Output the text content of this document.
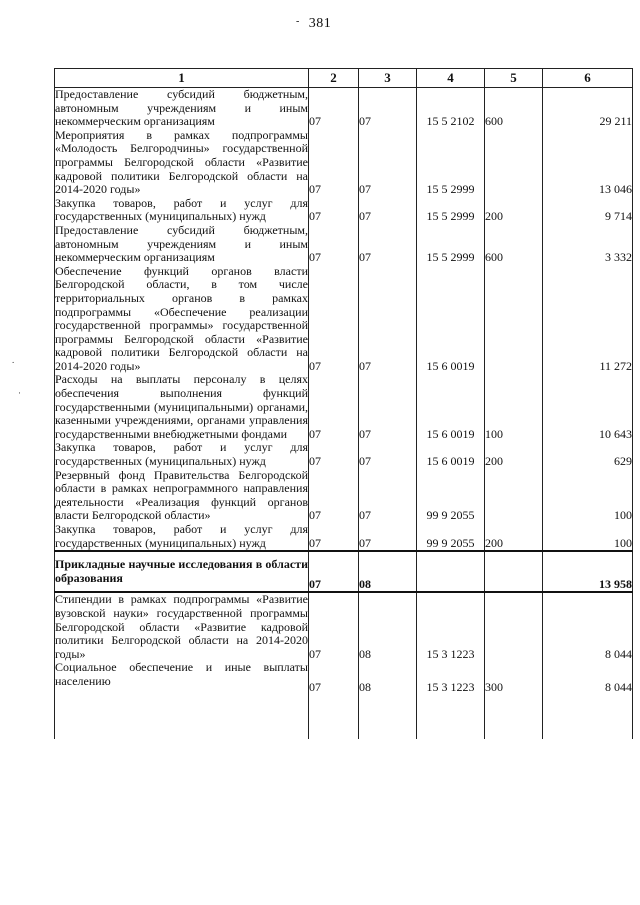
381
-
.
·
1	2	3	4	5	6
Предоставление субсидий бюджетным, автономным учреждениям и иным некоммерческим организациям	07	07	15 5 2102	600	29 211
Мероприятия в рамках подпрограммы «Молодость Белгородчины» государственной программы Белгородской области «Развитие кадровой политики Белгородской области на 2014-2020 годы»	07	07	15 5 2999		13 046
Закупка товаров, работ и услуг для государственных (муниципальных) нужд	07	07	15 5 2999	200	9 714
Предоставление субсидий бюджетным, автономным учреждениям и иным некоммерческим организациям	07	07	15 5 2999	600	3 332
Обеспечение функций органов власти Белгородской области, в том числе территориальных органов в рамках подпрограммы «Обеспечение реализации государственной программы» государственной программы Белгородской области «Развитие кадровой политики Белгородской области на 2014-2020 годы»	07	07	15 6 0019		11 272
Расходы на выплаты персоналу в целях обеспечения выполнения функций государственными (муниципальными) органами, казенными учреждениями, органами управления государственными внебюджетными фондами	07	07	15 6 0019	100	10 643
Закупка товаров, работ и услуг для государственных (муниципальных) нужд	07	07	15 6 0019	200	629
Резервный фонд Правительства Белгородской области в рамках непрограммного направления деятельности «Реализация функций органов власти Белгородской области»	07	07	99 9 2055		100
Закупка товаров, работ и услуг для государственных (муниципальных) нужд	07	07	99 9 2055	200	100
Прикладные научные исследования в области образования	07	08			13 958
Стипендии в рамках подпрограммы «Развитие вузовской науки» государственной программы Белгородской области «Развитие кадровой политики Белгородской области на 2014-2020 годы»	07	08	15 3 1223		8 044
Социальное обеспечение и иные выплаты населению	07	08	15 3 1223	300	8 044
